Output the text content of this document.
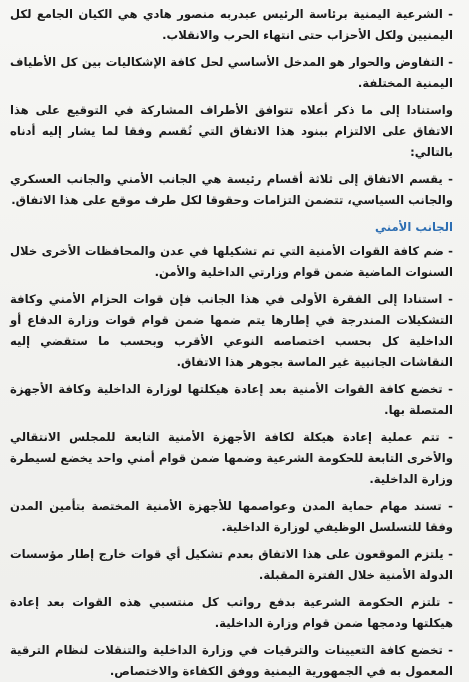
- الشرعية اليمنية برئاسة الرئيس عبدربه منصور هادي هي الكيان الجامع لكل اليمنيين ولكل الأحزاب حتى انتهاء الحرب والانقلاب.

- التفاوض والحوار هو المدخل الأساسي لحل كافة الإشكاليات بين كل الأطياف اليمنية المختلفة.

واستنادا إلى ما ذكر أعلاه تتوافق الأطراف المشاركة في التوقيع على هذا الاتفاق على الالتزام ببنود هذا الاتفاق التي تُقسم وفقا لما يشار إليه أدناه بالتالي:

- يقسم الاتفاق إلى ثلاثة أقسام رئيسة هي الجانب الأمني والجانب العسكري والجانب السياسي، تتضمن التزامات وحقوقا لكل طرف موقع على هذا الاتفاق.

الجانب الأمني

- ضم كافة القوات الأمنية التي تم تشكيلها في عدن والمحافظات الأخرى خلال السنوات الماضية ضمن قوام وزارتي الداخلية والأمن.

- استنادا إلى الفقرة الأولى في هذا الجانب فإن قوات الحزام الأمني وكافة التشكيلات المندرجة في إطارها يتم ضمها ضمن قوام قوات وزارة الدفاع أو الداخلية كل بحسب اختصاصه النوعي الأقرب وبحسب ما ستقضي إليه النقاشات الجانبية غير الماسة بجوهر هذا الاتفاق.

- تخضع كافة القوات الأمنية بعد إعادة هيكلتها لوزارة الداخلية وكافة الأجهزة المتصلة بها.

- تتم عملية إعادة هيكلة لكافة الأجهزة الأمنية التابعة للمجلس الانتقالي والأخرى التابعة للحكومة الشرعية وضمها ضمن قوام أمني واحد يخضع لسيطرة وزارة الداخلية.

- تسند مهام حماية المدن وعواصمها للأجهزة الأمنية المختصة بتأمين المدن وفقا للتسلسل الوظيفي لوزارة الداخلية.

- يلتزم الموقعون على هذا الاتفاق بعدم تشكيل أي قوات خارج إطار مؤسسات الدولة الأمنية خلال الفترة المقبلة.

- تلتزم الحكومة الشرعية بدفع رواتب كل منتسبي هذه القوات بعد إعادة هيكلتها ودمجها ضمن قوام وزارة الداخلية.

- تخضع كافة التعيينات والترقيات في وزارة الداخلية والتنقلات لنظام الترقية المعمول به في الجمهورية اليمنية ووفق الكفاءة والاختصاص.
